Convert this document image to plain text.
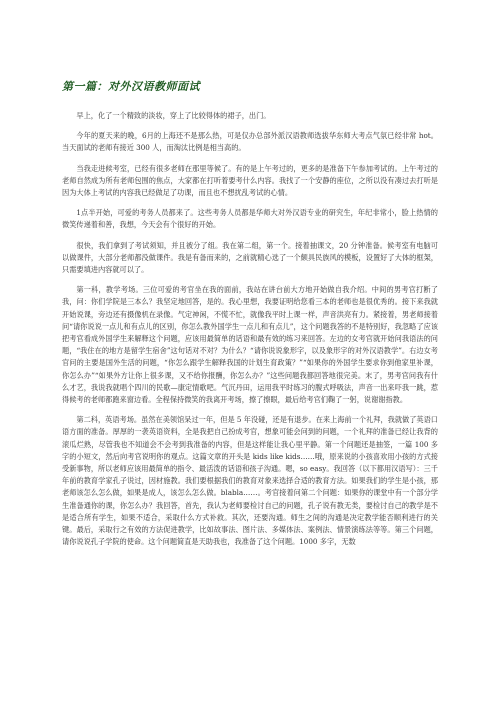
第一篇：对外汉语教师面试

早上，化了一个精致的淡妆，穿上了比较得体的裙子，出门。

今年的夏天来的晚，6月的上海还不是那么热，可是仅办总部外派汉语教师选拔华东师大考点气氛已经非常 hot。当天面试的老师有接近 300 人，而淘汰比例是相当高的。

当我走进候考室，已经有很多老师在那里等候了。有的是上午考过的，更多的是准备下午参加考试的。上午考过的老师自然成为所有老师包围的焦点，大家都在打听着要考什么内容。我找了一个安静的座位，之所以没有凑过去打听是因为大体上考试的内容我已经做足了功课，而且也不想扰乱考试的心情。

1点半开始，可爱的考务人员都来了。这些考务人员都是华师大对外汉语专业的研究生，年纪非常小，脸上热情的微笑传递着和善，我想，今天会有个很好的开始。

很快，我们拿到了考试须知，并且被分了组。我在第二组，第一个。接着抽课文，20 分钟准备。候考室有电脑可以做课件，大部分老师都没做课件。我是有备而来的，之前就精心选了一个颇具民族风的模板，设置好了大体的框架，只需要填进内容就可以了。

第一科，教学考场。三位可爱的考官坐在我的面前，我站在讲台前大方地开始做自我介绍。中间的男考官打断了我，问：你们学院是三本么？我坚定地回答，是的。我心里想，我要证明给您看三本的老师也是很优秀的。接下来我就开始说课，旁边还有摄像机在录像。气定神闲，不慌不忙，就像我平时上课一样，声音洪亮有力。紧接着，男老师接着问“请你说说一点儿和有点儿的区别，你怎么教外国学生一点儿和有点儿”，这个问题我答的不是特别好，我忽略了应该把考官看成外国学生来解释这个问题，应该用最简单的话语和最有效的练习来回答。左边的女考官就开始问我语法的问题，“我住在的地方是留学生宿舍”这句话对不对？为什么？“请你说说象形字，以及象形字的对外汉语教学”。右边女考官问的主要是国外生活的问题，“你怎么跟学生解释我国的计划生育政策？”“如果你的外国学生要求你到他家里补课，你怎么办”“如果外方让你上很多课，又不给你报酬，你怎么办？”这些问题我都回答地很完美。末了，男考官问我有什么才艺，我说我就唱个四川的民歌—康定情歌吧。气沉丹田，运用我平时练习的腹式呼吸法，声音一出来吓我一跳，惹得候考的老师都跑来窗边看。全程保持微笑的我离开考场，擦了擦眼，最后给考官们鞠了一躬，说谢谢指教。

第二科，英语考场。虽然在美领馆呆过一年，但是 5 年没碰，还是有退步。在来上海前一个礼拜，我就做了英语口语方面的准备。厚厚的一袭英语资料，全是我把自己扮成考官，想象可能会问到的问题，一个礼拜的准备已经让我背的滚瓜烂熟，尽管我也不知道会不会考到我准备的内容，但是这样能让我心里平静。第一个问题还是抽签，一篇 100 多字的小短文，然后向考官说明你的观点。这篇文章的开头是 kids like kids……哦，原来说的小孩喜欢用小孩的方式接受新事物，所以老师应该用最简单的指令、最活泼的话语和孩子沟通。嗯，so easy。我回答（以下都用汉语写）：三千年前的教育学家孔子说过，因材施教。我们要根据我们的教育对象来选择合适的教育方法。如果我们的学生是小孩，那老师该怎么怎么做，如果是成人，该怎么怎么做。blabla……。考官接着问第二个问题：如果你的课堂中有一个部分学生准备通你的课，你怎么办？我回答，首先，我认为老师要检讨自己的问题，孔子说有教无类，要检讨自己的教学是不是适合所有学生，如果不适合，采取什么方式补救。其次，还要沟通。师生之间的沟通是决定教学能否顺利进行的关键。最后，采取行之有效的方法促进教学，比如故事法、图片法、多媒体法、案例法、情景演练法等等。第三个问题，请你说说孔子学院的使命。这个问题简直是天助我也，我准备了这个问题。1000 多字，无数
